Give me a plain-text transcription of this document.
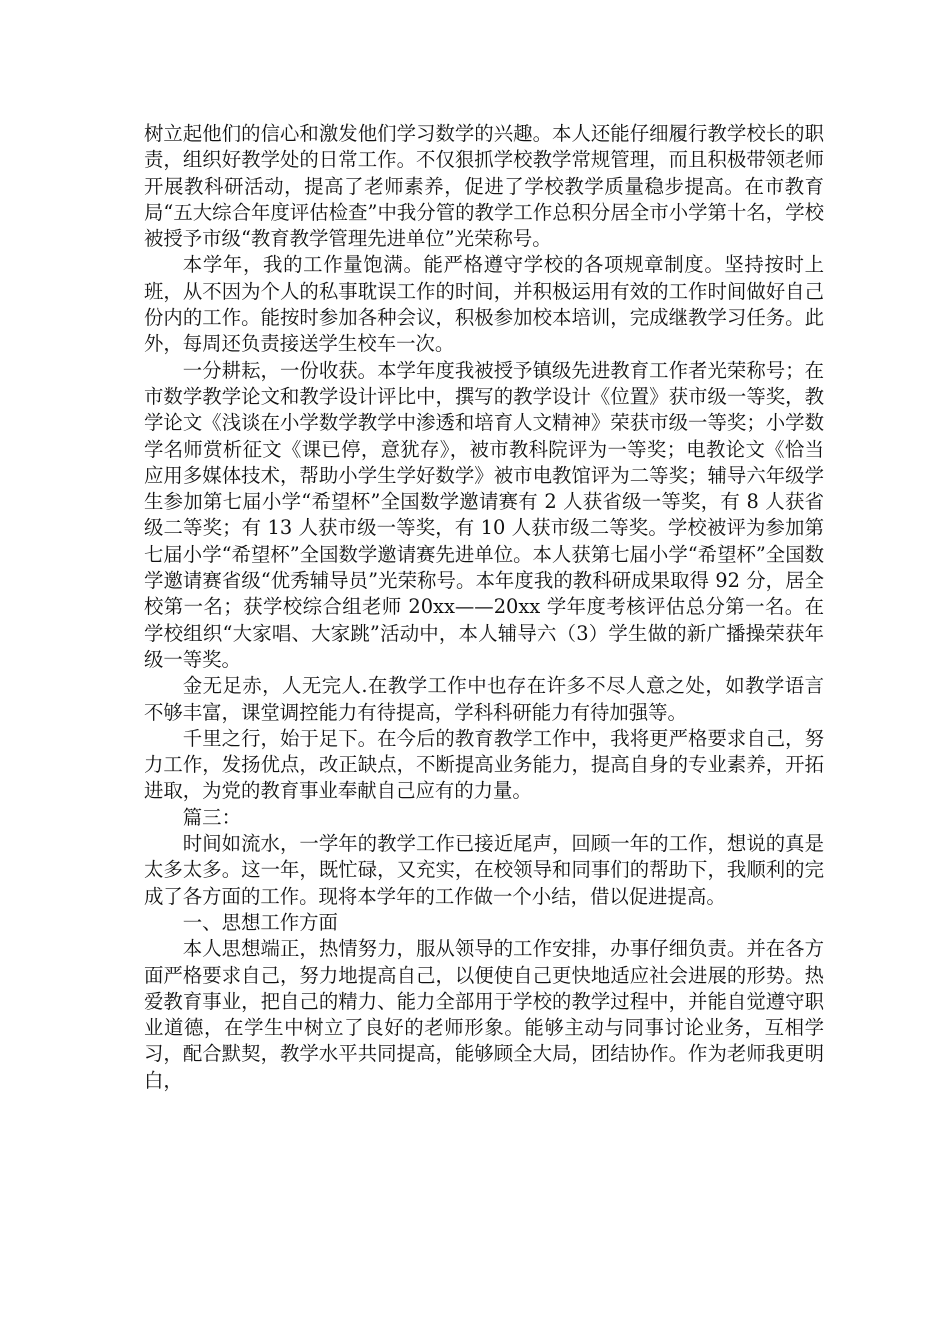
树立起他们的信心和激发他们学习数学的兴趣。本人还能仔细履行教学校长的职责，组织好教学处的日常工作。不仅狠抓学校教学常规管理，而且积极带领老师开展教科研活动，提高了老师素养，促进了学校教学质量稳步提高。在市教育局“五大综合年度评估检查”中我分管的教学工作总积分居全市小学第十名，学校被授予市级“教育教学管理先进单位”光荣称号。

本学年，我的工作量饱满。能严格遵守学校的各项规章制度。坚持按时上班，从不因为个人的私事耽误工作的时间，并积极运用有效的工作时间做好自己份内的工作。能按时参加各种会议，积极参加校本培训，完成继教学习任务。此外，每周还负责接送学生校车一次。

一分耕耘，一份收获。本学年度我被授予镇级先进教育工作者光荣称号；在市数学教学论文和教学设计评比中，撰写的教学设计《位置》获市级一等奖，教学论文《浅谈在小学数学教学中渗透和培育人文精神》荣获市级一等奖；小学数学名师赏析征文《课已停，意犹存》，被市教科院评为一等奖；电教论文《恰当应用多媒体技术，帮助小学生学好数学》被市电教馆评为二等奖；辅导六年级学生参加第七届小学“希望杯”全国数学邀请赛有 2 人获省级一等奖，有 8 人获省级二等奖；有 13 人获市级一等奖，有 10 人获市级二等奖。学校被评为参加第七届小学“希望杯”全国数学邀请赛先进单位。本人获第七届小学“希望杯”全国数学邀请赛省级“优秀辅导员”光荣称号。本年度我的教科研成果取得 92 分，居全校第一名；获学校综合组老师 20xx——20xx 学年度考核评估总分第一名。在学校组织“大家唱、大家跳”活动中，本人辅导六（3）学生做的新广播操荣获年级一等奖。

金无足赤，人无完人.在教学工作中也存在许多不尽人意之处，如教学语言不够丰富，课堂调控能力有待提高，学科科研能力有待加强等。

千里之行，始于足下。在今后的教育教学工作中，我将更严格要求自己，努力工作，发扬优点，改正缺点，不断提高业务能力，提高自身的专业素养，开拓进取，为党的教育事业奉献自己应有的力量。

篇三：

时间如流水，一学年的教学工作已接近尾声，回顾一年的工作，想说的真是太多太多。这一年，既忙碌，又充实，在校领导和同事们的帮助下，我顺利的完成了各方面的工作。现将本学年的工作做一个小结，借以促进提高。

一、思想工作方面

本人思想端正，热情努力，服从领导的工作安排，办事仔细负责。并在各方面严格要求自己，努力地提高自己，以便使自己更快地适应社会进展的形势。热爱教育事业，把自己的精力、能力全部用于学校的教学过程中，并能自觉遵守职业道德，在学生中树立了良好的老师形象。能够主动与同事讨论业务，互相学习，配合默契，教学水平共同提高，能够顾全大局，团结协作。作为老师我更明白，
